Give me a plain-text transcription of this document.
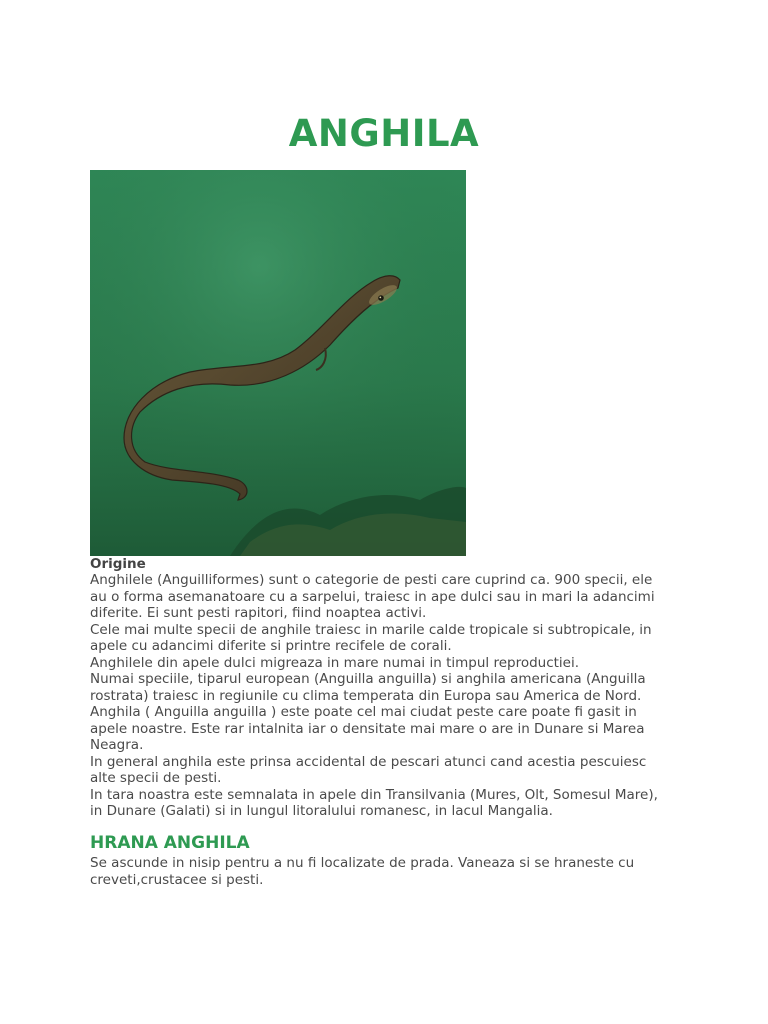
ANGHILA
Origine

Anghilele (Anguilliformes) sunt o categorie de pesti care cuprind ca. 900 specii, ele

au o forma asemanatoare cu a sarpelui, traiesc in ape dulci sau in mari la adancimi

diferite. Ei sunt pesti rapitori, fiind noaptea activi.

Cele mai multe specii de anghile traiesc in marile calde tropicale si subtropicale, in

apele cu adancimi diferite si printre recifele de corali.

Anghilele din apele dulci migreaza in mare numai in timpul reproductiei.

Numai speciile, tiparul european (Anguilla anguilla) si anghila americana (Anguilla

rostrata) traiesc in regiunile cu clima temperata din Europa sau America de Nord.

Anghila ( Anguilla anguilla ) este poate cel mai ciudat peste care poate fi gasit in

apele noastre. Este rar intalnita iar o densitate mai mare o are in Dunare si Marea

Neagra.

In general anghila este prinsa accidental de pescari atunci cand acestia pescuiesc

alte specii de pesti.

In tara noastra este semnalata in apele din Transilvania (Mures, Olt, Somesul Mare),

in Dunare (Galati) si in lungul litoralului romanesc, in lacul Mangalia.

HRANA ANGHILA

Se ascunde in nisip pentru a nu fi localizate de prada. Vaneaza si se hraneste cu

creveti,crustacee si pesti.
